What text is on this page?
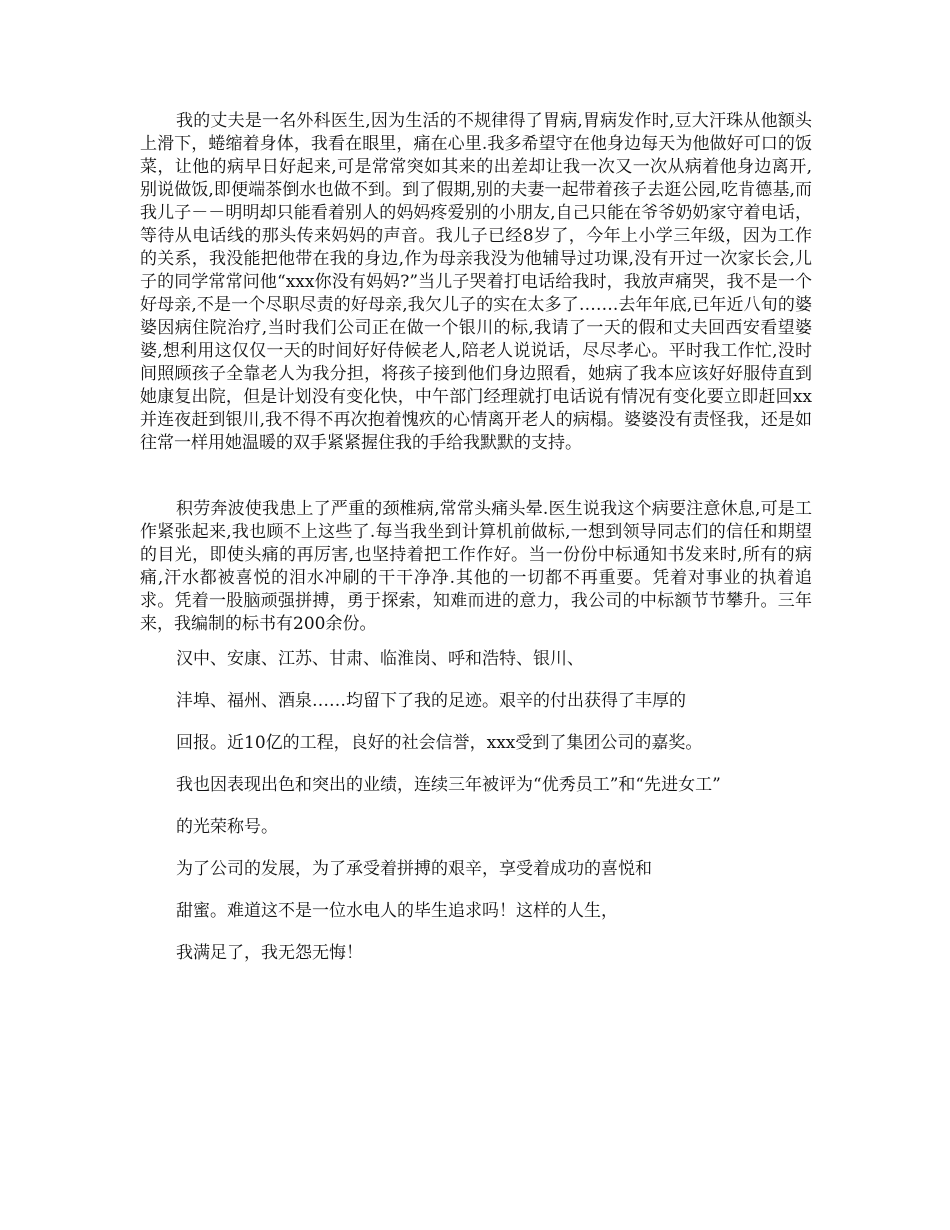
我的丈夫是一名外科医生,因为生活的不规律得了胃病,胃病发作时,豆大汗珠从他额头上滑下，蜷缩着身体，我看在眼里，痛在心里.我多希望守在他身边每天为他做好可口的饭菜，让他的病早日好起来,可是常常突如其来的出差却让我一次又一次从病着他身边离开,别说做饭,即便端茶倒水也做不到。到了假期,别的夫妻一起带着孩子去逛公园,吃肯德基,而我儿子－－明明却只能看着别人的妈妈疼爱别的小朋友,自己只能在爷爷奶奶家守着电话，等待从电话线的那头传来妈妈的声音。我儿子已经8岁了，今年上小学三年级，因为工作的关系，我没能把他带在我的身边,作为母亲我没为他辅导过功课,没有开过一次家长会,儿子的同学常常问他“xxx你没有妈妈?”当儿子哭着打电话给我时，我放声痛哭，我不是一个好母亲,不是一个尽职尽责的好母亲,我欠儿子的实在太多了…….去年年底,已年近八旬的婆婆因病住院治疗,当时我们公司正在做一个银川的标,我请了一天的假和丈夫回西安看望婆婆,想利用这仅仅一天的时间好好侍候老人,陪老人说说话，尽尽孝心。平时我工作忙,没时间照顾孩子全靠老人为我分担，将孩子接到他们身边照看，她病了我本应该好好服侍直到她康复出院，但是计划没有变化快，中午部门经理就打电话说有情况有变化要立即赶回xx并连夜赶到银川,我不得不再次抱着愧疚的心情离开老人的病榻。婆婆没有责怪我，还是如往常一样用她温暖的双手紧紧握住我的手给我默默的支持。

积劳奔波使我患上了严重的颈椎病,常常头痛头晕.医生说我这个病要注意休息,可是工作紧张起来,我也顾不上这些了.每当我坐到计算机前做标,一想到领导同志们的信任和期望的目光，即使头痛的再厉害,也坚持着把工作作好。当一份份中标通知书发来时,所有的病痛,汗水都被喜悦的泪水冲刷的干干净净.其他的一切都不再重要。凭着对事业的执着追求。凭着一股脑顽强拼搏，勇于探索，知难而进的意力，我公司的中标额节节攀升。三年来，我编制的标书有200余份。

汉中、安康、江苏、甘肃、临淮岗、呼和浩特、银川、

沣埠、福州、酒泉……均留下了我的足迹。艰辛的付出获得了丰厚的

回报。近10亿的工程，良好的社会信誉，xxx受到了集团公司的嘉奖。

我也因表现出色和突出的业绩，连续三年被评为“优秀员工”和“先进女工”

的光荣称号。

为了公司的发展，为了承受着拼搏的艰辛，享受着成功的喜悦和

甜蜜。难道这不是一位水电人的毕生追求吗！这样的人生，

我满足了，我无怨无悔！
